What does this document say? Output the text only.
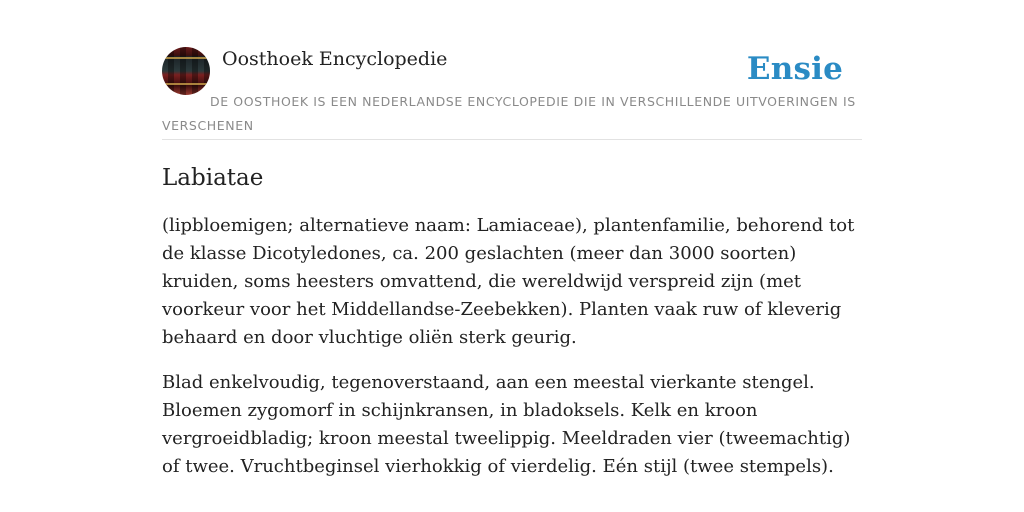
Oosthoek Encyclopedie	Ensie
DE OOSTHOEK IS EEN NEDERLANDSE ENCYCLOPEDIE DIE IN VERSCHILLENDE UITVOERINGEN IS VERSCHENEN
Labiatae

(lipbloemigen; alternatieve naam: Lamiaceae), plantenfamilie, behorend tot de klasse Dicotyledones, ca. 200 geslachten (meer dan 3000 soorten) kruiden, soms heesters omvattend, die wereldwijd verspreid zijn (met voorkeur voor het Middellandse-Zeebekken). Planten vaak ruw of kleverig behaard en door vluchtige oliën sterk geurig.

Blad enkelvoudig, tegenoverstaand, aan een meestal vierkante stengel. Bloemen zygomorf in schijnkransen, in bladoksels. Kelk en kroon vergroeidbladig; kroon meestal tweelippig. Meeldraden vier (tweemachtig) of twee. Vruchtbeginsel vierhokkig of vierdelig. Eén stijl (twee stempels).
